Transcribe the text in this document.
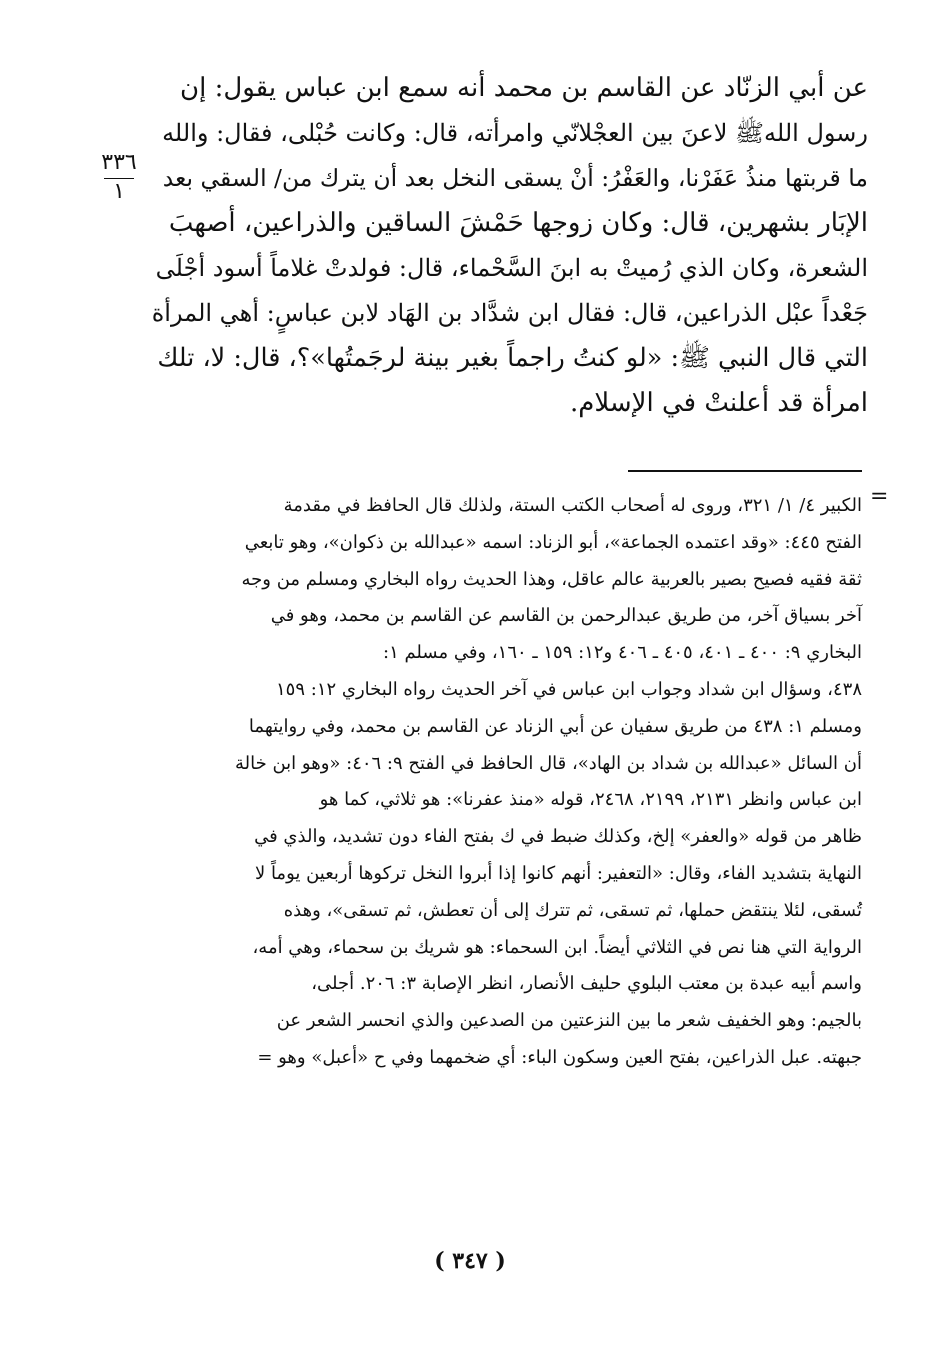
عن أبي الزنّاد عن القاسم بن محمد أنه سمع ابن عباس يقول: إن

رسول اللهﷺ لاعنَ بين العجْلانّي وامرأته، قال: وكانت حُبْلى، فقال: والله

ما قربتها منذُ عَفَرْنا، والعَفْرُ: أنْ يسقى النخل بعد أن يترك من/ السقي بعد

الإبَار بشهرين، قال: وكان زوجها حَمْشَ الساقين والذراعين، أصهبَ

الشعرة، وكان الذي رُميتْ به ابنَ السَّحْماء، قال: فولدتْ غلاماً أسود أجْلَى

جَعْداً عبْل الذراعين، قال: فقال ابن شدَّاد بن الهَاد لابن عباسٍ: أهي المرأة

التي قال النبي ﷺ: «لو كنتُ راجماً بغير بينة لرجَمتُها»؟، قال: لا، تلك

امرأة قد أعلنتْ في الإسلام.

٣٣٦
١
=

الكبير ٤/ ١/ ٣٢١، وروى له أصحاب الكتب الستة، ولذلك قال الحافظ في مقدمة

الفتح ٤٤٥: «وقد اعتمده الجماعة»، أبو الزناد: اسمه «عبدالله بن ذكوان»، وهو تابعي

ثقة فقيه فصيح بصير بالعربية عالم عاقل، وهذا الحديث رواه البخاري ومسلم من وجه

آخر بسياق آخر، من طريق عبدالرحمن بن القاسم عن القاسم بن محمد، وهو في

البخاري ٩: ٤٠٠ ـ ٤٠١، ٤٠٥ ـ ٤٠٦ و١٢: ١٥٩ ـ ١٦٠، وفي مسلم ١:

٤٣٨، وسؤال ابن شداد وجواب ابن عباس في آخر الحديث رواه البخاري ١٢: ١٥٩

ومسلم ١: ٤٣٨ من طريق سفيان عن أبي الزناد عن القاسم بن محمد، وفي روايتهما

أن السائل «عبدالله بن شداد بن الهاد»، قال الحافظ في الفتح ٩: ٤٠٦: «وهو ابن خالة

ابن عباس وانظر ٢١٣١، ٢١٩٩، ٢٤٦٨، قوله «منذ عفرنا»: هو ثلاثي، كما هو

ظاهر من قوله «والعفر» إلخ، وكذلك ضبط في ك بفتح الفاء دون تشديد، والذي في

النهاية بتشديد الفاء، وقال: «التعفير: أنهم كانوا إذا أبروا النخل تركوها أربعين يوماً لا

تُسقى، لئلا ينتقض حملها، ثم تسقى، ثم تترك إلى أن تعطش، ثم تسقى»، وهذه

الرواية التي هنا نص في الثلاثي أيضاً. ابن السحماء: هو شريك بن سحماء، وهي أمه،

واسم أبيه عبدة بن معتب البلوي حليف الأنصار، انظر الإصابة ٣: ٢٠٦. أجلى،

بالجيم: وهو الخفيف شعر ما بين النزعتين من الصدعين والذي انحسر الشعر عن

جبهته. عبل الذراعين، بفتح العين وسكون الباء: أي ضخمهما وفي ح «أعبل» وهو =

( ٣٤٧ )
